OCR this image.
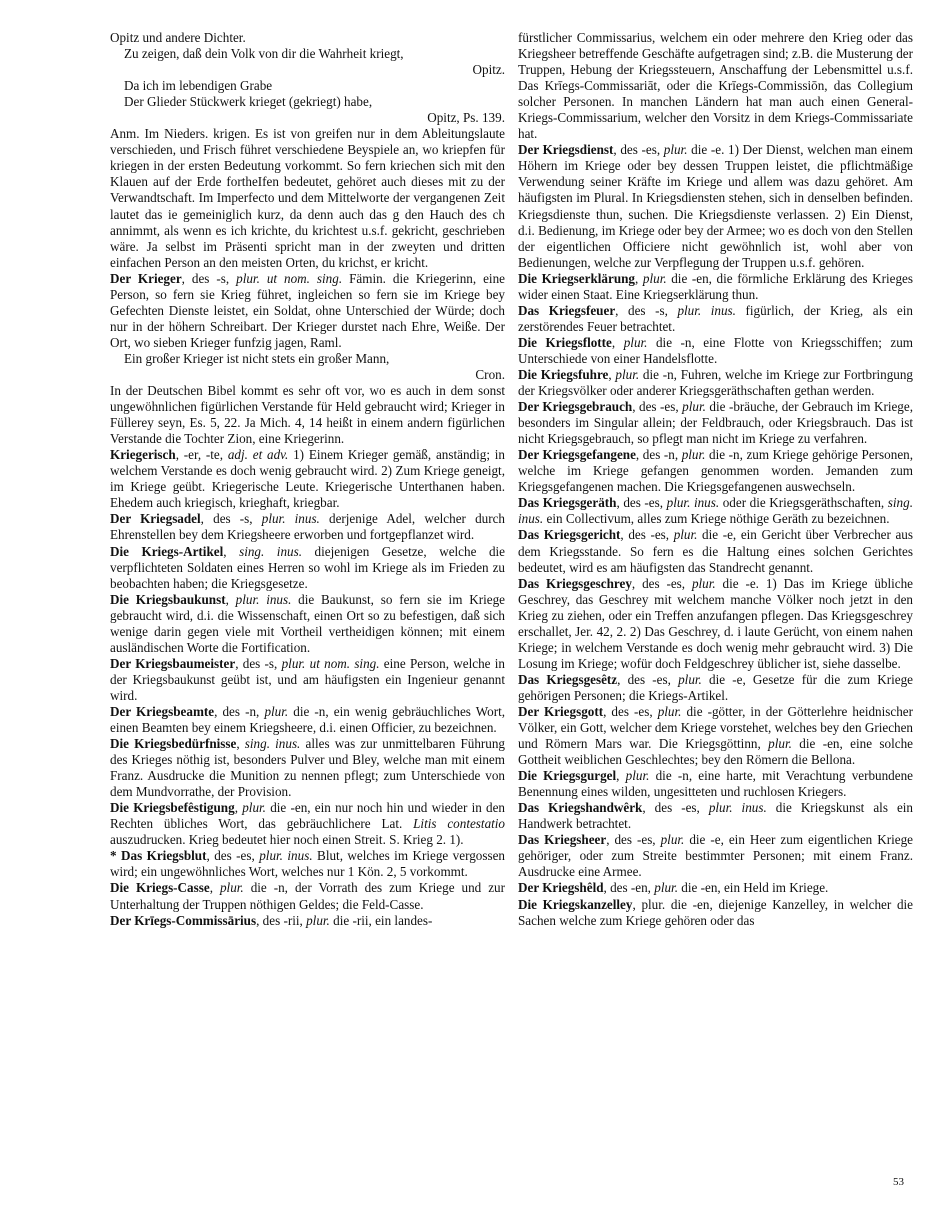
Opitz und andere Dichter.

Zu zeigen, daß dein Volk von dir die Wahrheit kriegt,

Opitz.

Da ich im lebendigen Grabe

Der Glieder Stückwerk krieget (gekriegt) habe,

Opitz, Ps. 139.

Anm. Im Nieders. krigen. Es ist von greifen nur in dem Ableitungslaute verschieden, und Frisch führet verschiedene Beyspiele an, wo kriepfen für kriegen in der ersten Bedeutung vorkommt. So fern kriechen sich mit den Klauen auf der Erde fortheIfen bedeutet, gehöret auch dieses mit zu der Verwandtschaft. Im Imperfecto und dem Mittelworte der vergangenen Zeit lautet das ie gemeiniglich kurz, da denn auch das g den Hauch des ch annimmt, als wenn es ich krichte, du krichtest u.s.f. gekricht, geschrieben wäre. Ja selbst im Präsenti spricht man in der zweyten und dritten einfachen Person an den meisten Orten, du krichst, er kricht.

Der Krieger, des -s, plur. ut nom. sing. Fämin. die Kriegerinn, eine Person, so fern sie Krieg führet, ingleichen so fern sie im Kriege bey Gefechten Dienste leistet, ein Soldat, ohne Unterschied der Würde; doch nur in der höhern Schreibart. Der Krieger durstet nach Ehre, Weiße. Der Ort, wo sieben Krieger funfzig jagen, Raml.

Ein großer Krieger ist nicht stets ein großer Mann,

Cron.

In der Deutschen Bibel kommt es sehr oft vor, wo es auch in dem sonst ungewöhnlichen figürlichen Verstande für Held gebraucht wird; Krieger in Füllerey seyn, Es. 5, 22. Ja Mich. 4, 14 heißt in einem andern figürlichen Verstande die Tochter Zion, eine Kriegerinn.

Kriegerisch, -er, -te, adj. et adv. 1) Einem Krieger gemäß, anständig; in welchem Verstande es doch wenig gebraucht wird. 2) Zum Kriege geneigt, im Kriege geübt. Kriegerische Leute. Kriegerische Unterthanen haben. Ehedem auch kriegisch, krieghaft, kriegbar.

Der Kriegsadel, des -s, plur. inus. derjenige Adel, welcher durch Ehrenstellen bey dem Kriegsheere erworben und fortgepflanzet wird.

Die Kriegs-Artikel, sing. inus. diejenigen Gesetze, welche die verpflichteten Soldaten eines Herren so wohl im Kriege als im Frieden zu beobachten haben; die Kriegsgesetze.

Die Kriegsbaukunst, plur. inus. die Baukunst, so fern sie im Kriege gebraucht wird, d.i. die Wissenschaft, einen Ort so zu befestigen, daß sich wenige darin gegen viele mit Vortheil vertheidigen können; mit einem ausländischen Worte die Fortification.

Der Kriegsbaumeister, des -s, plur. ut nom. sing. eine Person, welche in der Kriegsbaukunst geübt ist, und am häufigsten ein Ingenieur genannt wird.

Der Kriegsbeamte, des -n, plur. die -n, ein wenig gebräuchliches Wort, einen Beamten bey einem Kriegsheere, d.i. einen Officier, zu bezeichnen.

Die Kriegsbedürfnisse, sing. inus. alles was zur unmittelbaren Führung des Krieges nöthig ist, besonders Pulver und Bley, welche man mit einem Franz. Ausdrucke die Munition zu nennen pflegt; zum Unterschiede von dem Mundvorrathe, der Provision.

Die Kriegsbefêstigung, plur. die -en, ein nur noch hin und wieder in den Rechten übliches Wort, das gebräuchlichere Lat. Litis contestatio auszudrucken. Krieg bedeutet hier noch einen Streit. S. Krieg 2. 1).

* Das Kriegsblut, des -es, plur. inus. Blut, welches im Kriege vergossen wird; ein ungewöhnliches Wort, welches nur 1 Kön. 2, 5 vorkommt.

Die Kriegs-Casse, plur. die -n, der Vorrath des zum Kriege und zur Unterhaltung der Truppen nöthigen Geldes; die Feld-Casse.

Der Krīegs-Commissārius, des -rii, plur. die -rii, ein landes-

fürstlicher Commissarius, welchem ein oder mehrere den Krieg oder das Kriegsheer betreffende Geschäfte aufgetragen sind; z.B. die Musterung der Truppen, Hebung der Kriegssteuern, Anschaffung der Lebensmittel u.s.f. Das Krīegs-Commissariāt, oder die Krīegs-Commissiōn, das Collegium solcher Personen. In manchen Ländern hat man auch einen General-Kriegs-Commissarium, welcher den Vorsitz in dem Kriegs-Commissariate hat.

Der Kriegsdienst, des -es, plur. die -e. 1) Der Dienst, welchen man einem Höhern im Kriege oder bey dessen Truppen leistet, die pflichtmäßige Verwendung seiner Kräfte im Kriege und allem was dazu gehöret. Am häufigsten im Plural. In Kriegsdiensten stehen, sich in denselben befinden. Kriegsdienste thun, suchen. Die Kriegsdienste verlassen. 2) Ein Dienst, d.i. Bedienung, im Kriege oder bey der Armee; wo es doch von den Stellen der eigentlichen Officiere nicht gewöhnlich ist, wohl aber von Bedienungen, welche zur Verpflegung der Truppen u.s.f. gehören.

Die Kriegserklärung, plur. die -en, die förmliche Erklärung des Krieges wider einen Staat. Eine Kriegserklärung thun.

Das Kriegsfeuer, des -s, plur. inus. figürlich, der Krieg, als ein zerstörendes Feuer betrachtet.

Die Kriegsflotte, plur. die -n, eine Flotte von Kriegsschiffen; zum Unterschiede von einer Handelsflotte.

Die Kriegsfuhre, plur. die -n, Fuhren, welche im Kriege zur Fortbringung der Kriegsvölker oder anderer Kriegsgeräthschaften gethan werden.

Der Kriegsgebrauch, des -es, plur. die -bräuche, der Gebrauch im Kriege, besonders im Singular allein; der Feldbrauch, oder Kriegsbrauch. Das ist nicht Kriegsgebrauch, so pflegt man nicht im Kriege zu verfahren.

Der Kriegsgefangene, des -n, plur. die -n, zum Kriege gehörige Personen, welche im Kriege gefangen genommen worden. Jemanden zum Kriegsgefangenen machen. Die Kriegsgefangenen auswechseln.

Das Kriegsgeräth, des -es, plur. inus. oder die Kriegsgeräthschaften, sing. inus. ein Collectivum, alles zum Kriege nöthige Geräth zu bezeichnen.

Das Kriegsgericht, des -es, plur. die -e, ein Gericht über Verbrecher aus dem Kriegsstande. So fern es die Haltung eines solchen Gerichtes bedeutet, wird es am häufigsten das Standrecht genannt.

Das Kriegsgeschrey, des -es, plur. die -e. 1) Das im Kriege übliche Geschrey, das Geschrey mit welchem manche Völker noch jetzt in den Krieg zu ziehen, oder ein Treffen anzufangen pflegen. Das Kriegsgeschrey erschallet, Jer. 42, 2. 2) Das Geschrey, d. i laute Gerücht, von einem nahen Kriege; in welchem Verstande es doch wenig mehr gebraucht wird. 3) Die Losung im Kriege; wofür doch Feldgeschrey üblicher ist, siehe dasselbe.

Das Kriegsgesêtz, des -es, plur. die -e, Gesetze für die zum Kriege gehörigen Personen; die Kriegs-Artikel.

Der Kriegsgott, des -es, plur. die -götter, in der Götterlehre heidnischer Völker, ein Gott, welcher dem Kriege vorstehet, welches bey den Griechen und Römern Mars war. Die Kriegsgöttinn, plur. die -en, eine solche Gottheit weiblichen Geschlechtes; bey den Römern die Bellona.

Die Kriegsgurgel, plur. die -n, eine harte, mit Verachtung verbundene Benennung eines wilden, ungesitteten und ruchlosen Kriegers.

Das Kriegshandwêrk, des -es, plur. inus. die Kriegskunst als ein Handwerk betrachtet.

Das Kriegsheer, des -es, plur. die -e, ein Heer zum eigentlichen Kriege gehöriger, oder zum Streite bestimmter Personen; mit einem Franz. Ausdrucke eine Armee.

Der Kriegshêld, des -en, plur. die -en, ein Held im Kriege.

Die Kriegskanzelley, plur. die -en, diejenige Kanzelley, in welcher die Sachen welche zum Kriege gehören oder das

53
